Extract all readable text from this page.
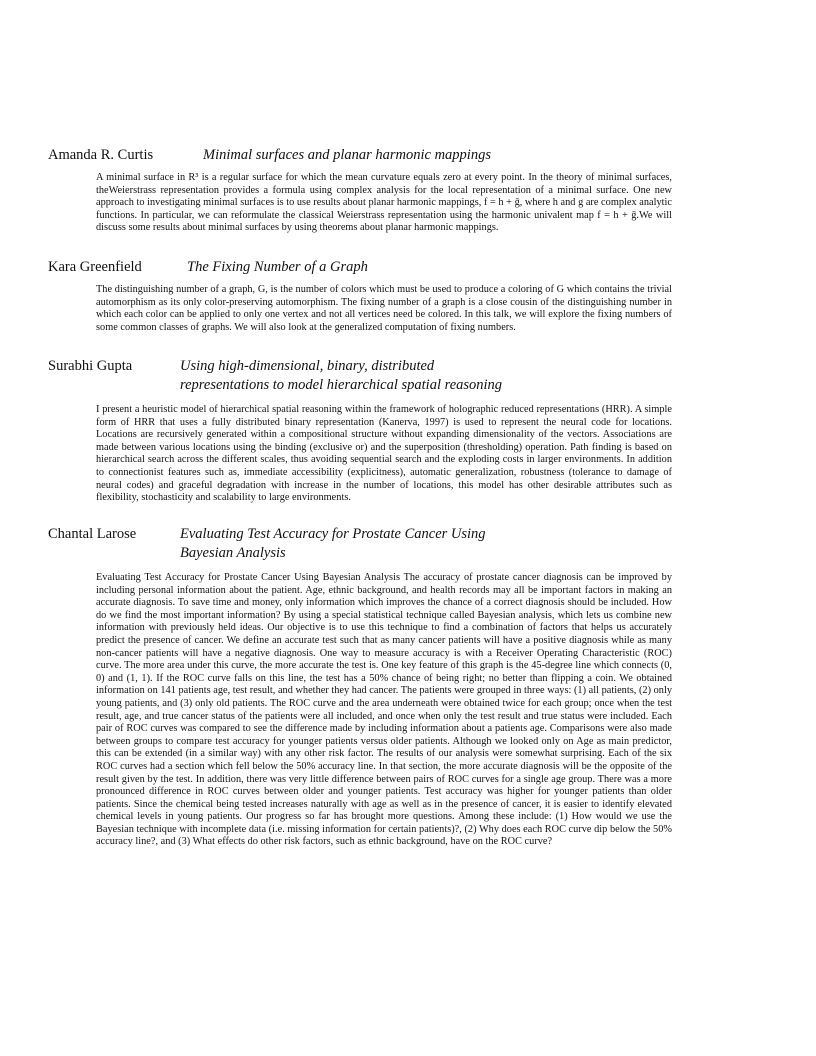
Amanda R. Curtis	Minimal surfaces and planar harmonic mappings
A minimal surface in R³ is a regular surface for which the mean curvature equals zero at every point. In the theory of minimal surfaces, theWeierstrass representation provides a formula using complex analysis for the local representation of a minimal surface. One new approach to investigating minimal surfaces is to use results about planar harmonic mappings, f = h + ḡ, where h and g are complex analytic functions. In particular, we can reformulate the classical Weierstrass representation using the harmonic univalent map f = h + ḡ.We will discuss some results about minimal surfaces by using theorems about planar harmonic mappings.
Kara Greenfield	The Fixing Number of a Graph
The distinguishing number of a graph, G, is the number of colors which must be used to produce a coloring of G which contains the trivial automorphism as its only color-preserving automorphism. The fixing number of a graph is a close cousin of the distinguishing number in which each color can be applied to only one vertex and not all vertices need be colored. In this talk, we will explore the fixing numbers of some common classes of graphs. We will also look at the generalized computation of fixing numbers.
Surabhi Gupta	Using high-dimensional, binary, distributed
representations to model hierarchical spatial reasoning
I present a heuristic model of hierarchical spatial reasoning within the framework of holographic reduced representations (HRR). A simple form of HRR that uses a fully distributed binary representation (Kanerva, 1997) is used to represent the neural code for locations. Locations are recursively generated within a compositional structure without expanding dimensionality of the vectors. Associations are made between various locations using the binding (exclusive or) and the superposition (thresholding) operation. Path finding is based on hierarchical search across the different scales, thus avoiding sequential search and the exploding costs in larger environments. In addition to connectionist features such as, immediate accessibility (explicitness), automatic generalization, robustness (tolerance to damage of neural codes) and graceful degradation with increase in the number of locations, this model has other desirable attributes such as flexibility, stochasticity and scalability to large environments.
Chantal Larose	Evaluating Test Accuracy for Prostate Cancer Using
Bayesian Analysis
Evaluating Test Accuracy for Prostate Cancer Using Bayesian Analysis The accuracy of prostate cancer diagnosis can be improved by including personal information about the patient. Age, ethnic background, and health records may all be important factors in making an accurate diagnosis. To save time and money, only information which improves the chance of a correct diagnosis should be included. How do we find the most important information? By using a special statistical technique called Bayesian analysis, which lets us combine new information with previously held ideas. Our objective is to use this technique to find a combination of factors that helps us accurately predict the presence of cancer. We define an accurate test such that as many cancer patients will have a positive diagnosis while as many non-cancer patients will have a negative diagnosis. One way to measure accuracy is with a Receiver Operating Characteristic (ROC) curve. The more area under this curve, the more accurate the test is. One key feature of this graph is the 45-degree line which connects (0, 0) and (1, 1). If the ROC curve falls on this line, the test has a 50% chance of being right; no better than flipping a coin. We obtained information on 141 patients age, test result, and whether they had cancer. The patients were grouped in three ways: (1) all patients, (2) only young patients, and (3) only old patients. The ROC curve and the area underneath were obtained twice for each group; once when the test result, age, and true cancer status of the patients were all included, and once when only the test result and true status were included. Each pair of ROC curves was compared to see the difference made by including information about a patients age. Comparisons were also made between groups to compare test accuracy for younger patients versus older patients. Although we looked only on Age as main predictor, this can be extended (in a similar way) with any other risk factor. The results of our analysis were somewhat surprising. Each of the six ROC curves had a section which fell below the 50% accuracy line. In that section, the more accurate diagnosis will be the opposite of the result given by the test. In addition, there was very little difference between pairs of ROC curves for a single age group. There was a more pronounced difference in ROC curves between older and younger patients. Test accuracy was higher for younger patients than older patients. Since the chemical being tested increases naturally with age as well as in the presence of cancer, it is easier to identify elevated chemical levels in young patients. Our progress so far has brought more questions. Among these include: (1) How would we use the Bayesian technique with incomplete data (i.e. missing information for certain patients)?, (2) Why does each ROC curve dip below the 50% accuracy line?, and (3) What effects do other risk factors, such as ethnic background, have on the ROC curve?
